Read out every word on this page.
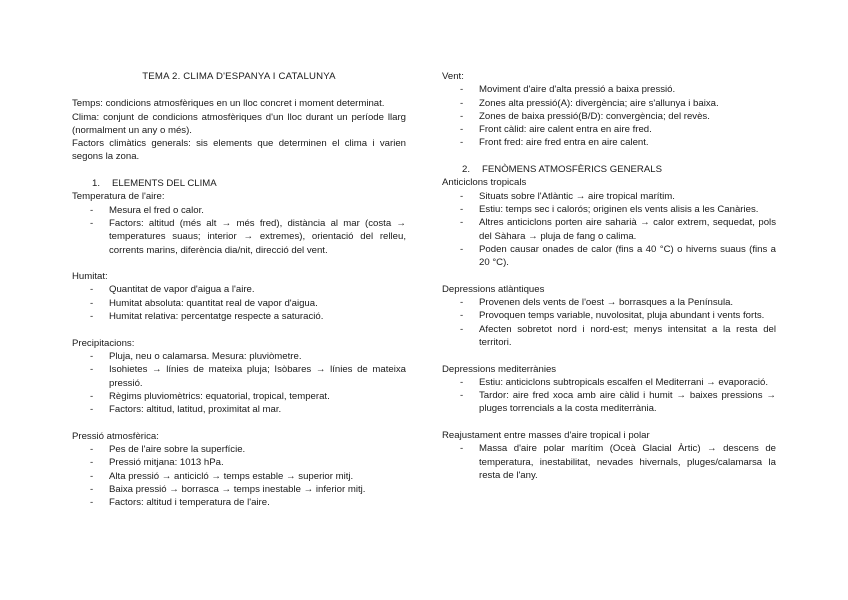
TEMA 2. CLIMA D'ESPANYA I CATALUNYA

Temps: condicions atmosfèriques en un lloc concret i moment determinat.

Clima: conjunt de condicions atmosfèriques d'un lloc durant un període llarg (normalment un any o més).

Factors climàtics generals: sis elements que determinen el clima i varien segons la zona.

1. ELEMENTS DEL CLIMA
Temperatura de l'aire:
- Mesura el fred o calor.
- Factors: altitud (més alt → més fred), distància al mar (costa → temperatures suaus; interior → extremes), orientació del relleu, corrents marins, diferència dia/nit, direcció del vent.
Humitat:
- Quantitat de vapor d'aigua a l'aire.
- Humitat absoluta: quantitat real de vapor d'aigua.
- Humitat relativa: percentatge respecte a saturació.
Precipitacions:
- Pluja, neu o calamarsa. Mesura: pluviòmetre.
- Isohietes → línies de mateixa pluja; Isòbares → línies de mateixa pressió.
- Règims pluviomètrics: equatorial, tropical, temperat.
- Factors: altitud, latitud, proximitat al mar.
Pressió atmosfèrica:
- Pes de l'aire sobre la superfície.
- Pressió mitjana: 1013 hPa.
- Alta pressió → anticicló → temps estable → superior mitj.
- Baixa pressió → borrasca → temps inestable → inferior mitj.
- Factors: altitud i temperatura de l'aire.
Vent:
- Moviment d'aire d'alta pressió a baixa pressió.
- Zones alta pressió(A): divergència; aire s'allunya i baixa.
- Zones de baixa pressió(B/D): convergència; del revès.
- Front càlid: aire calent entra en aire fred.
- Front fred: aire fred entra en aire calent.
2. FENÒMENS ATMOSFÈRICS GENERALS
Anticiclons tropicals
- Situats sobre l'Atlàntic → aire tropical marítim.
- Estiu: temps sec i calorós; originen els vents alisis a les Canàries.
- Altres anticiclons porten aire saharià → calor extrem, sequedat, pols del Sàhara → pluja de fang o calima.
- Poden causar onades de calor (fins a 40 °C) o hiverns suaus (fins a 20 °C).
Depressions atlàntiques
- Provenen dels vents de l'oest → borrasques a la Península.
- Provoquen temps variable, nuvolositat, pluja abundant i vents forts.
- Afecten sobretot nord i nord-est; menys intensitat a la resta del territori.
Depressions mediterrànies
- Estiu: anticiclons subtropicals escalfen el Mediterrani → evaporació.
- Tardor: aire fred xoca amb aire càlid i humit → baixes pressions → pluges torrencials a la costa mediterrània.
Reajustament entre masses d'aire tropical i polar
- Massa d'aire polar marítim (Oceà Glacial Àrtic) → descens de temperatura, inestabilitat, nevades hivernals, pluges/calamarsa la resta de l'any.
